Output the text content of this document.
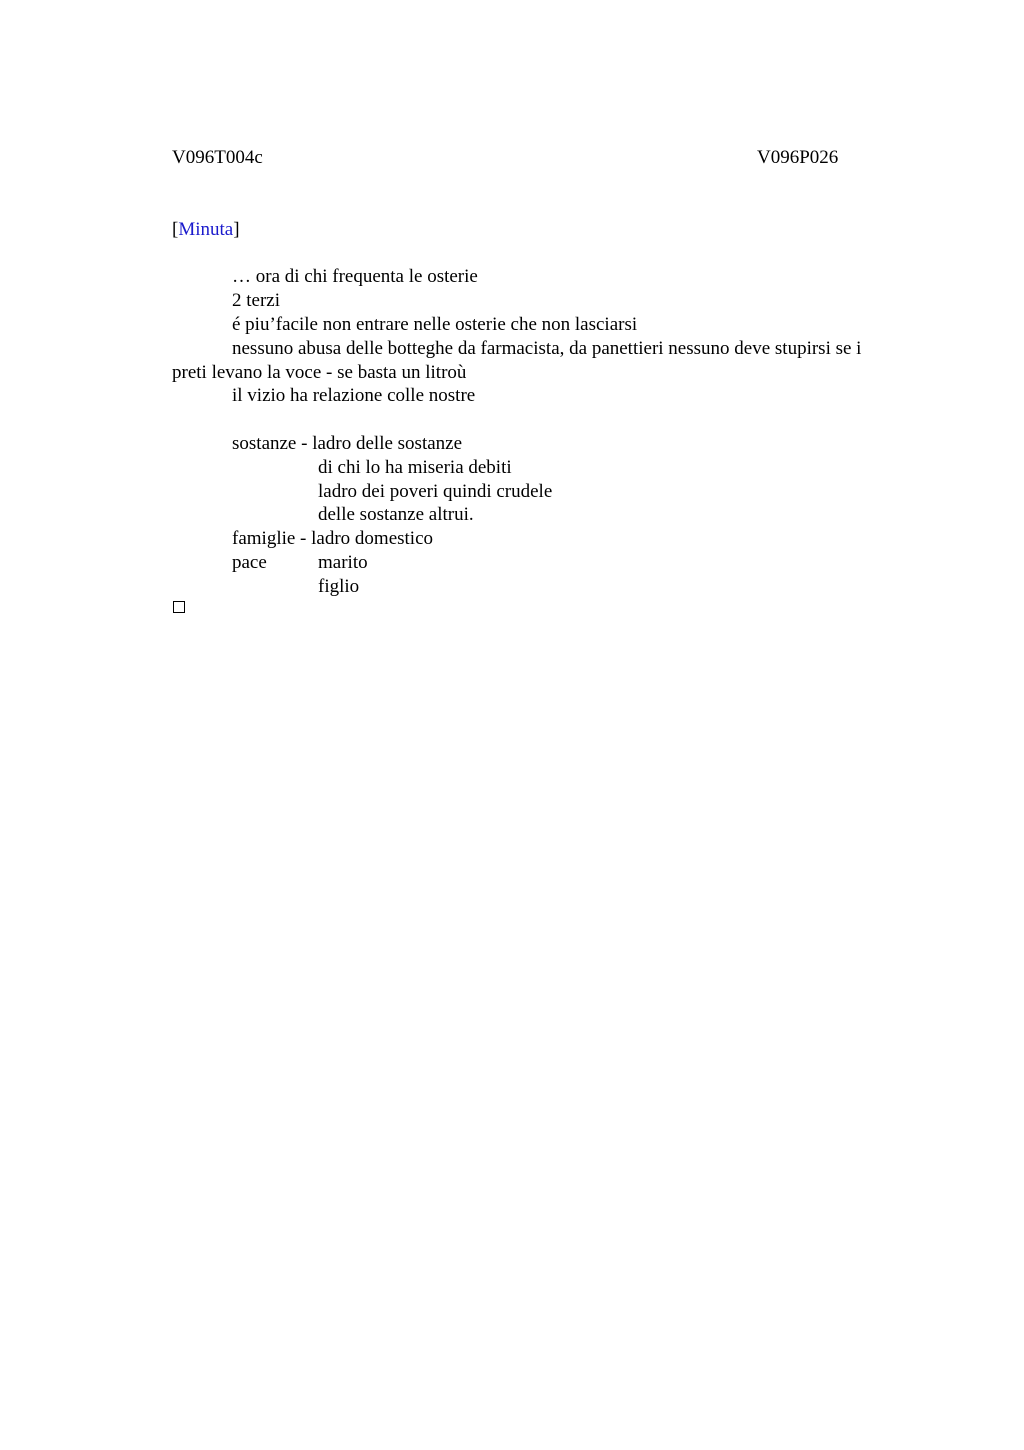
V096T004c	V096P026
[Minuta]
… ora di chi frequenta le osterie
2 terzi
é piu’facile non entrare nelle osterie che non lasciarsi
nessuno abusa delle botteghe da farmacista, da panettieri nessuno deve stupirsi se i
preti levano la voce - se basta un litroù
il vizio ha relazione colle nostre
sostanze - ladro delle sostanze
di chi lo ha miseria debiti
ladro dei poveri quindi crudele
delle sostanze altrui.
famiglie - ladro domestico
pace	marito
figlio
